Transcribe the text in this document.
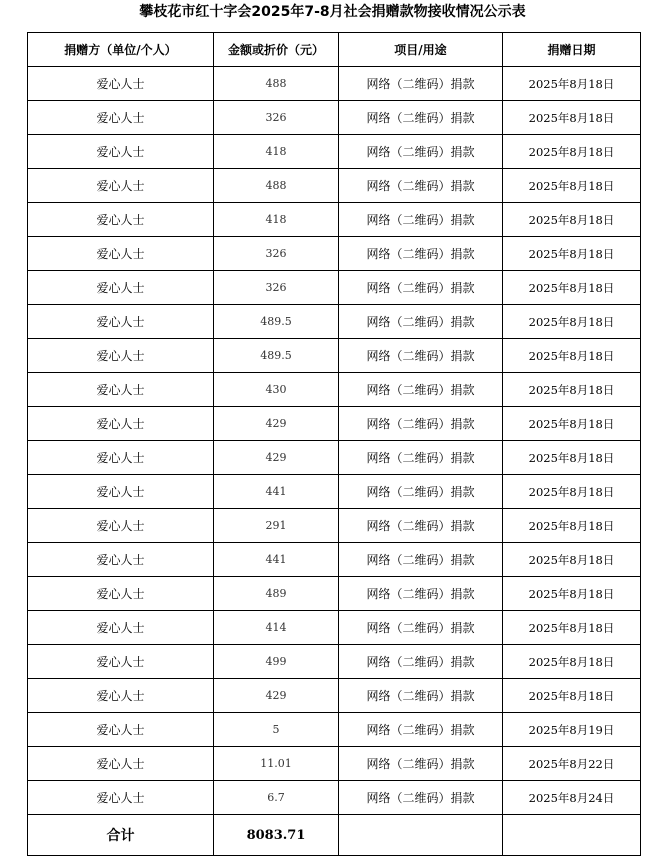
攀枝花市红十字会2025年7-8月社会捐赠款物接收情况公示表
捐赠方（单位/个人）	金额或折价（元）	项目/用途	捐赠日期
爱心人士	488	网络（二维码）捐款	2025年8月18日
爱心人士	326	网络（二维码）捐款	2025年8月18日
爱心人士	418	网络（二维码）捐款	2025年8月18日
爱心人士	488	网络（二维码）捐款	2025年8月18日
爱心人士	418	网络（二维码）捐款	2025年8月18日
爱心人士	326	网络（二维码）捐款	2025年8月18日
爱心人士	326	网络（二维码）捐款	2025年8月18日
爱心人士	489.5	网络（二维码）捐款	2025年8月18日
爱心人士	489.5	网络（二维码）捐款	2025年8月18日
爱心人士	430	网络（二维码）捐款	2025年8月18日
爱心人士	429	网络（二维码）捐款	2025年8月18日
爱心人士	429	网络（二维码）捐款	2025年8月18日
爱心人士	441	网络（二维码）捐款	2025年8月18日
爱心人士	291	网络（二维码）捐款	2025年8月18日
爱心人士	441	网络（二维码）捐款	2025年8月18日
爱心人士	489	网络（二维码）捐款	2025年8月18日
爱心人士	414	网络（二维码）捐款	2025年8月18日
爱心人士	499	网络（二维码）捐款	2025年8月18日
爱心人士	429	网络（二维码）捐款	2025年8月18日
爱心人士	5	网络（二维码）捐款	2025年8月19日
爱心人士	11.01	网络（二维码）捐款	2025年8月22日
爱心人士	6.7	网络（二维码）捐款	2025年8月24日
合计	8083.71		
